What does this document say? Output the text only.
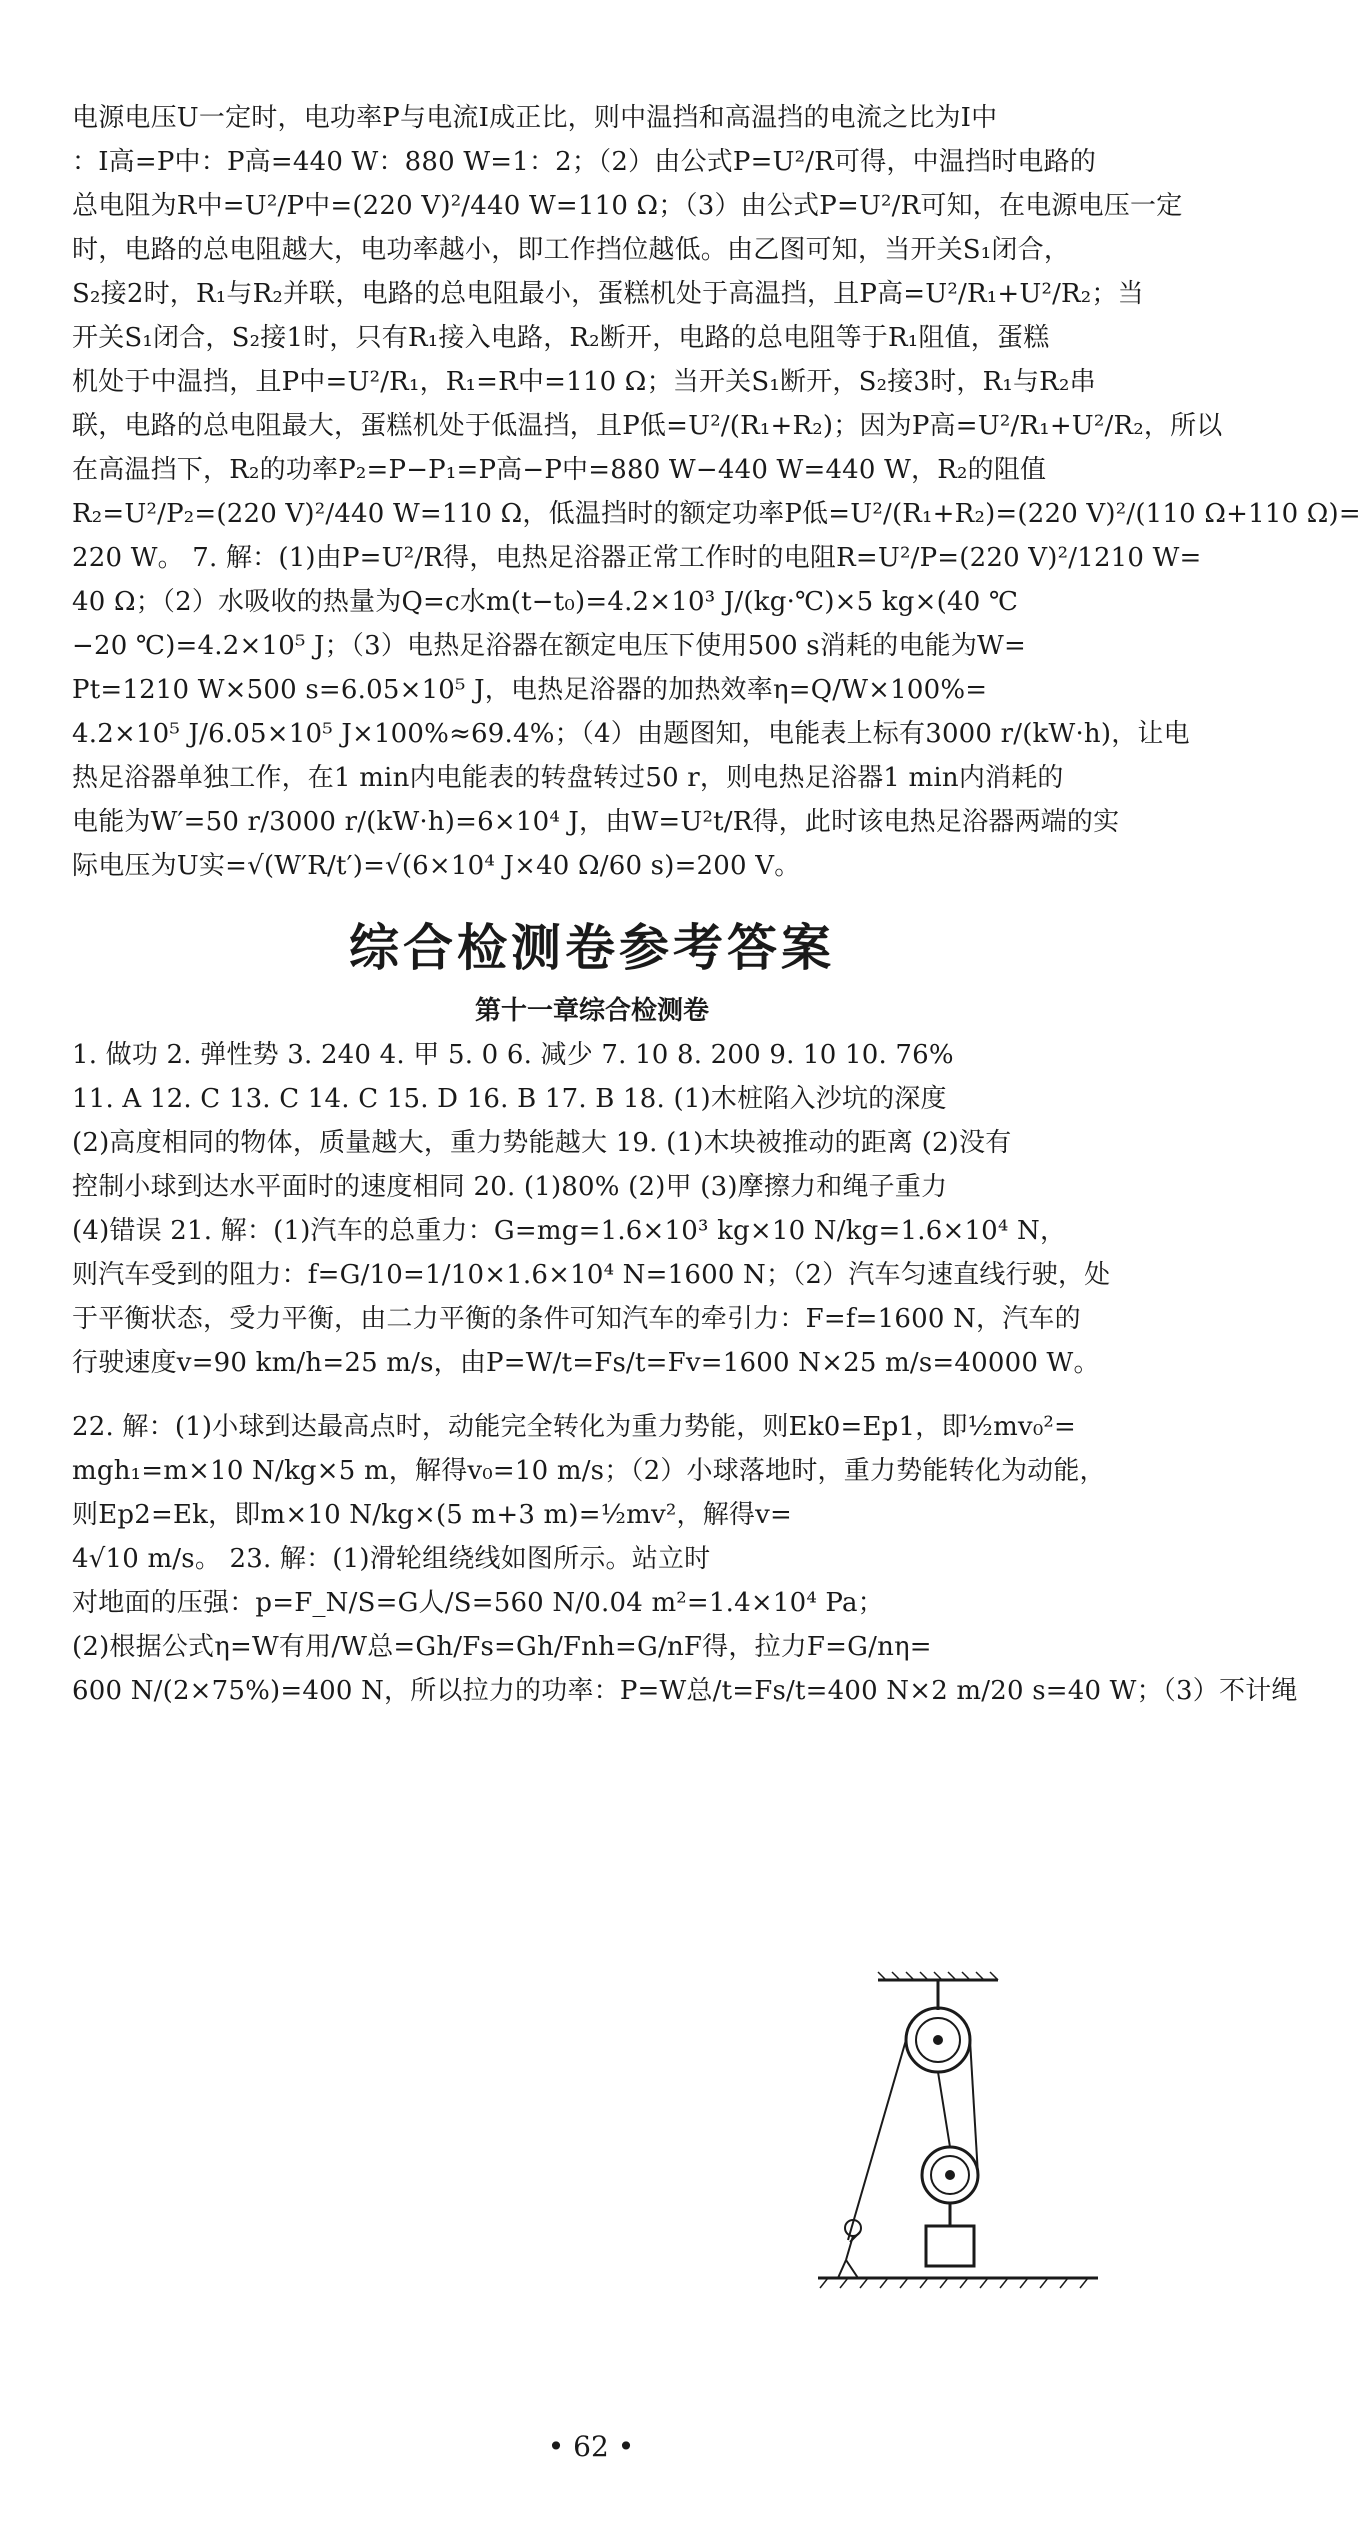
电源电压U一定时，电功率P与电流I成正比，则中温挡和高温挡的电流之比为I中

：I高=P中：P高=440 W：880 W=1：2；（2）由公式P=U²/R可得，中温挡时电路的

总电阻为R中=U²/P中=(220 V)²/440 W=110 Ω；（3）由公式P=U²/R可知，在电源电压一定

时，电路的总电阻越大，电功率越小，即工作挡位越低。由乙图可知，当开关S₁闭合，

S₂接2时，R₁与R₂并联，电路的总电阻最小，蛋糕机处于高温挡，且P高=U²/R₁+U²/R₂；当

开关S₁闭合，S₂接1时，只有R₁接入电路，R₂断开，电路的总电阻等于R₁阻值，蛋糕

机处于中温挡，且P中=U²/R₁，R₁=R中=110 Ω；当开关S₁断开，S₂接3时，R₁与R₂串

联，电路的总电阻最大，蛋糕机处于低温挡，且P低=U²/(R₁+R₂)；因为P高=U²/R₁+U²/R₂，所以

在高温挡下，R₂的功率P₂=P−P₁=P高−P中=880 W−440 W=440 W，R₂的阻值

R₂=U²/P₂=(220 V)²/440 W=110 Ω，低温挡时的额定功率P低=U²/(R₁+R₂)=(220 V)²/(110 Ω+110 Ω)=

220 W。 7. 解：(1)由P=U²/R得，电热足浴器正常工作时的电阻R=U²/P=(220 V)²/1210 W=

40 Ω；（2）水吸收的热量为Q=c水m(t−t₀)=4.2×10³ J/(kg·℃)×5 kg×(40 ℃

−20 ℃)=4.2×10⁵ J；（3）电热足浴器在额定电压下使用500 s消耗的电能为W=

Pt=1210 W×500 s=6.05×10⁵ J，电热足浴器的加热效率η=Q/W×100%=

4.2×10⁵ J/6.05×10⁵ J×100%≈69.4%；（4）由题图知，电能表上标有3000 r/(kW·h)，让电

热足浴器单独工作，在1 min内电能表的转盘转过50 r，则电热足浴器1 min内消耗的

电能为W′=50 r/3000 r/(kW·h)=6×10⁴ J，由W=U²t/R得，此时该电热足浴器两端的实

际电压为U实=√(W′R/t′)=√(6×10⁴ J×40 Ω/60 s)=200 V。

综合检测卷参考答案
第十一章综合检测卷

1. 做功 2. 弹性势 3. 240 4. 甲 5. 0 6. 减少 7. 10 8. 200 9. 10 10. 76%

11. A 12. C 13. C 14. C 15. D 16. B 17. B 18. (1)木桩陷入沙坑的深度

(2)高度相同的物体，质量越大，重力势能越大 19. (1)木块被推动的距离 (2)没有

控制小球到达水平面时的速度相同 20. (1)80% (2)甲 (3)摩擦力和绳子重力

(4)错误 21. 解：(1)汽车的总重力：G=mg=1.6×10³ kg×10 N/kg=1.6×10⁴ N，

则汽车受到的阻力：f=G/10=1/10×1.6×10⁴ N=1600 N；（2）汽车匀速直线行驶，处

于平衡状态，受力平衡，由二力平衡的条件可知汽车的牵引力：F=f=1600 N，汽车的

行驶速度v=90 km/h=25 m/s，由P=W/t=Fs/t=Fv=1600 N×25 m/s=40000 W。

22. 解：(1)小球到达最高点时，动能完全转化为重力势能，则Ek0=Ep1，即½mv₀²=

mgh₁=m×10 N/kg×5 m，解得v₀=10 m/s；（2）小球落地时，重力势能转化为动能，

则Ep2=Ek，即m×10 N/kg×(5 m+3 m)=½mv²，解得v=

4√10 m/s。 23. 解：(1)滑轮组绕线如图所示。站立时

对地面的压强：p=F_N/S=G人/S=560 N/0.04 m²=1.4×10⁴ Pa；

(2)根据公式η=W有用/W总=Gh/Fs=Gh/Fnh=G/nF得，拉力F=G/nη=

600 N/(2×75%)=400 N，所以拉力的功率：P=W总/t=Fs/t=400 N×2 m/20 s=40 W；（3）不计绳

• 62 •
